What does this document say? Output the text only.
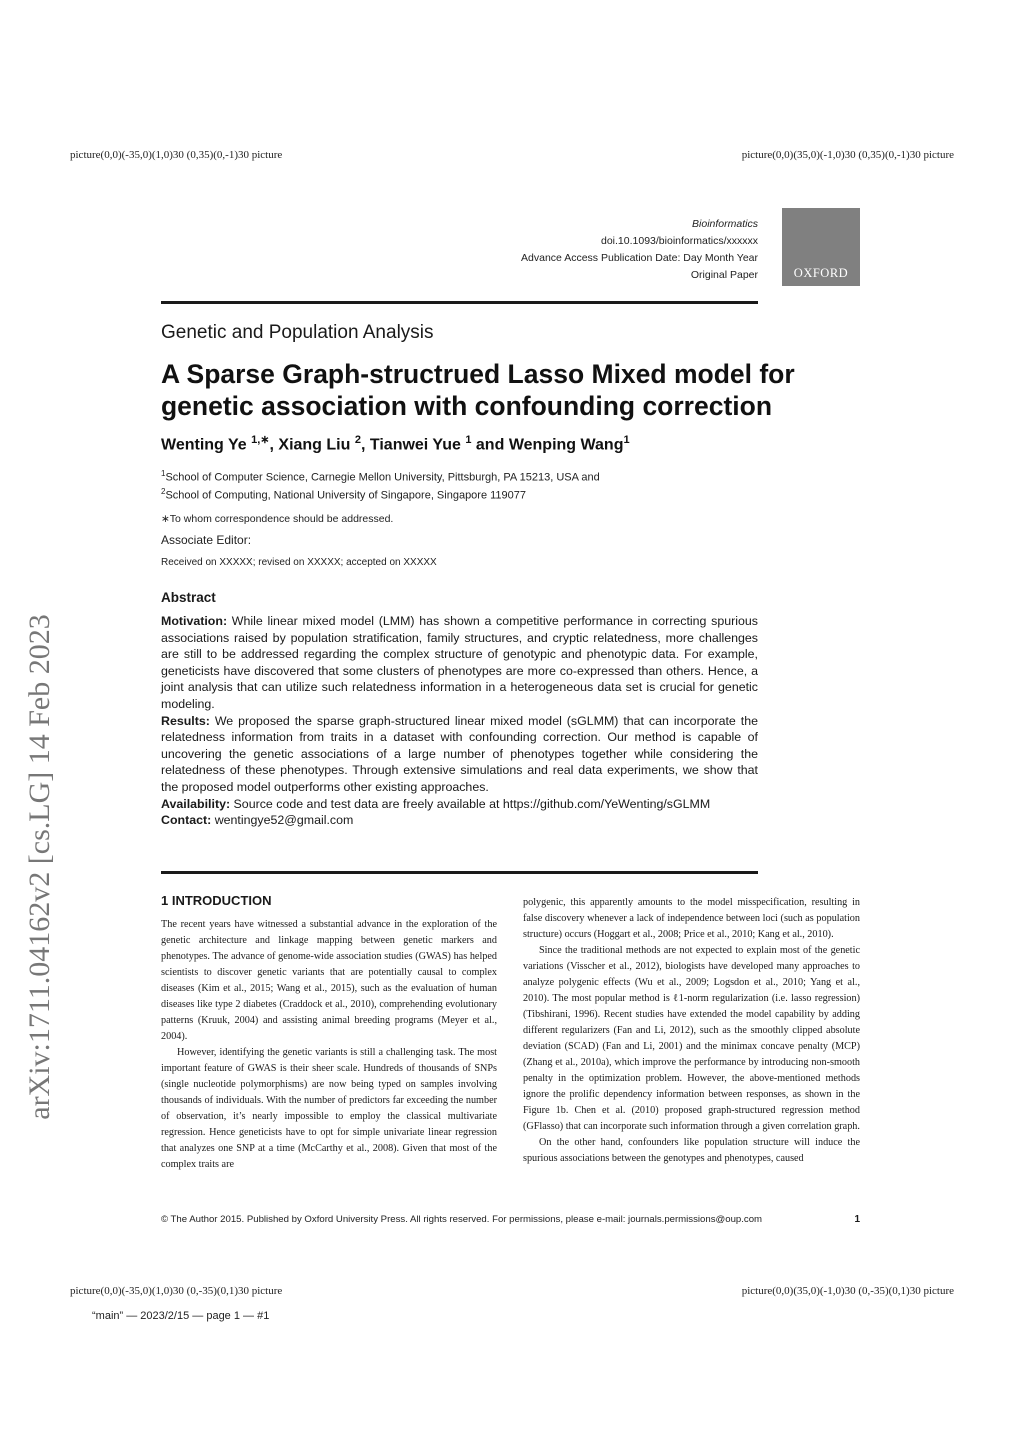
picture(0,0)(-35,0)(1,0)30 (0,35)(0,-1)30 picture	picture(0,0)(35,0)(-1,0)30 (0,35)(0,-1)30 picture
picture(0,0)(-35,0)(1,0)30 (0,-35)(0,1)30 picture	picture(0,0)(35,0)(-1,0)30 (0,-35)(0,1)30 picture
Bioinformatics
doi.10.1093/bioinformatics/xxxxxx
Advance Access Publication Date: Day Month Year
Original Paper	OXFORD
Genetic and Population Analysis
A Sparse Graph-structrued Lasso Mixed model for genetic association with confounding correction
Wenting Ye $^{1,∗}$, Xiang Liu $^2$, Tianwei Yue $^1$ and Wenping Wang$^1$
$^1$School of Computer Science, Carnegie Mellon University, Pittsburgh, PA 15213, USA and
$^2$School of Computing, National University of Singapore, Singapore 119077
∗To whom correspondence should be addressed.
Associate Editor:
Received on XXXXX; revised on XXXXX; accepted on XXXXX
Abstract

Motivation: While linear mixed model (LMM) has shown a competitive performance in correcting spurious associations raised by population stratification, family structures, and cryptic relatedness, more challenges are still to be addressed regarding the complex structure of genotypic and phenotypic data. For example, geneticists have discovered that some clusters of phenotypes are more co-expressed than others. Hence, a joint analysis that can utilize such relatedness information in a heterogeneous data set is crucial for genetic modeling.

Results: We proposed the sparse graph-structured linear mixed model (sGLMM) that can incorporate the relatedness information from traits in a dataset with confounding correction. Our method is capable of uncovering the genetic associations of a large number of phenotypes together while considering the relatedness of these phenotypes. Through extensive simulations and real data experiments, we show that the proposed model outperforms other existing approaches.

Availability: Source code and test data are freely available at https://github.com/YeWenting/sGLMM

Contact: wentingye52@gmail.com

1 INTRODUCTION

The recent years have witnessed a substantial advance in the exploration of the genetic architecture and linkage mapping between genetic markers and phenotypes. The advance of genome-wide association studies (GWAS) has helped scientists to discover genetic variants that are potentially causal to complex diseases (Kim et al., 2015; Wang et al., 2015), such as the evaluation of human diseases like type 2 diabetes (Craddock et al., 2010), comprehending evolutionary patterns (Kruuk, 2004) and assisting animal breeding programs (Meyer et al., 2004).

However, identifying the genetic variants is still a challenging task. The most important feature of GWAS is their sheer scale. Hundreds of thousands of SNPs (single nucleotide polymorphisms) are now being typed on samples involving thousands of individuals. With the number of predictors far exceeding the number of observation, it’s nearly impossible to employ the classical multivariate regression. Hence geneticists have to opt for simple univariate linear regression that analyzes one SNP at a time (McCarthy et al., 2008). Given that most of the complex traits are

polygenic, this apparently amounts to the model misspecification, resulting in false discovery whenever a lack of independence between loci (such as population structure) occurs (Hoggart et al., 2008; Price et al., 2010; Kang et al., 2010).

Since the traditional methods are not expected to explain most of the genetic variations (Visscher et al., 2012), biologists have developed many approaches to analyze polygenic effects (Wu et al., 2009; Logsdon et al., 2010; Yang et al., 2010). The most popular method is ℓ1-norm regularization (i.e. lasso regression) (Tibshirani, 1996). Recent studies have extended the model capability by adding different regularizers (Fan and Li, 2012), such as the smoothly clipped absolute deviation (SCAD) (Fan and Li, 2001) and the minimax concave penalty (MCP) (Zhang et al., 2010a), which improve the performance by introducing non-smooth penalty in the optimization problem. However, the above-mentioned methods ignore the prolific dependency information between responses, as shown in the Figure 1b. Chen et al. (2010) proposed graph-structured regression method (GFlasso) that can incorporate such information through a given correlation graph.

On the other hand, confounders like population structure will induce the spurious associations between the genotypes and phenotypes, caused

© The Author 2015. Published by Oxford University Press. All rights reserved. For permissions, please e-mail: journals.permissions@oup.com	1
arXiv:1711.04162v2 [cs.LG] 14 Feb 2023
“main” — 2023/2/15 — page 1 — #1
